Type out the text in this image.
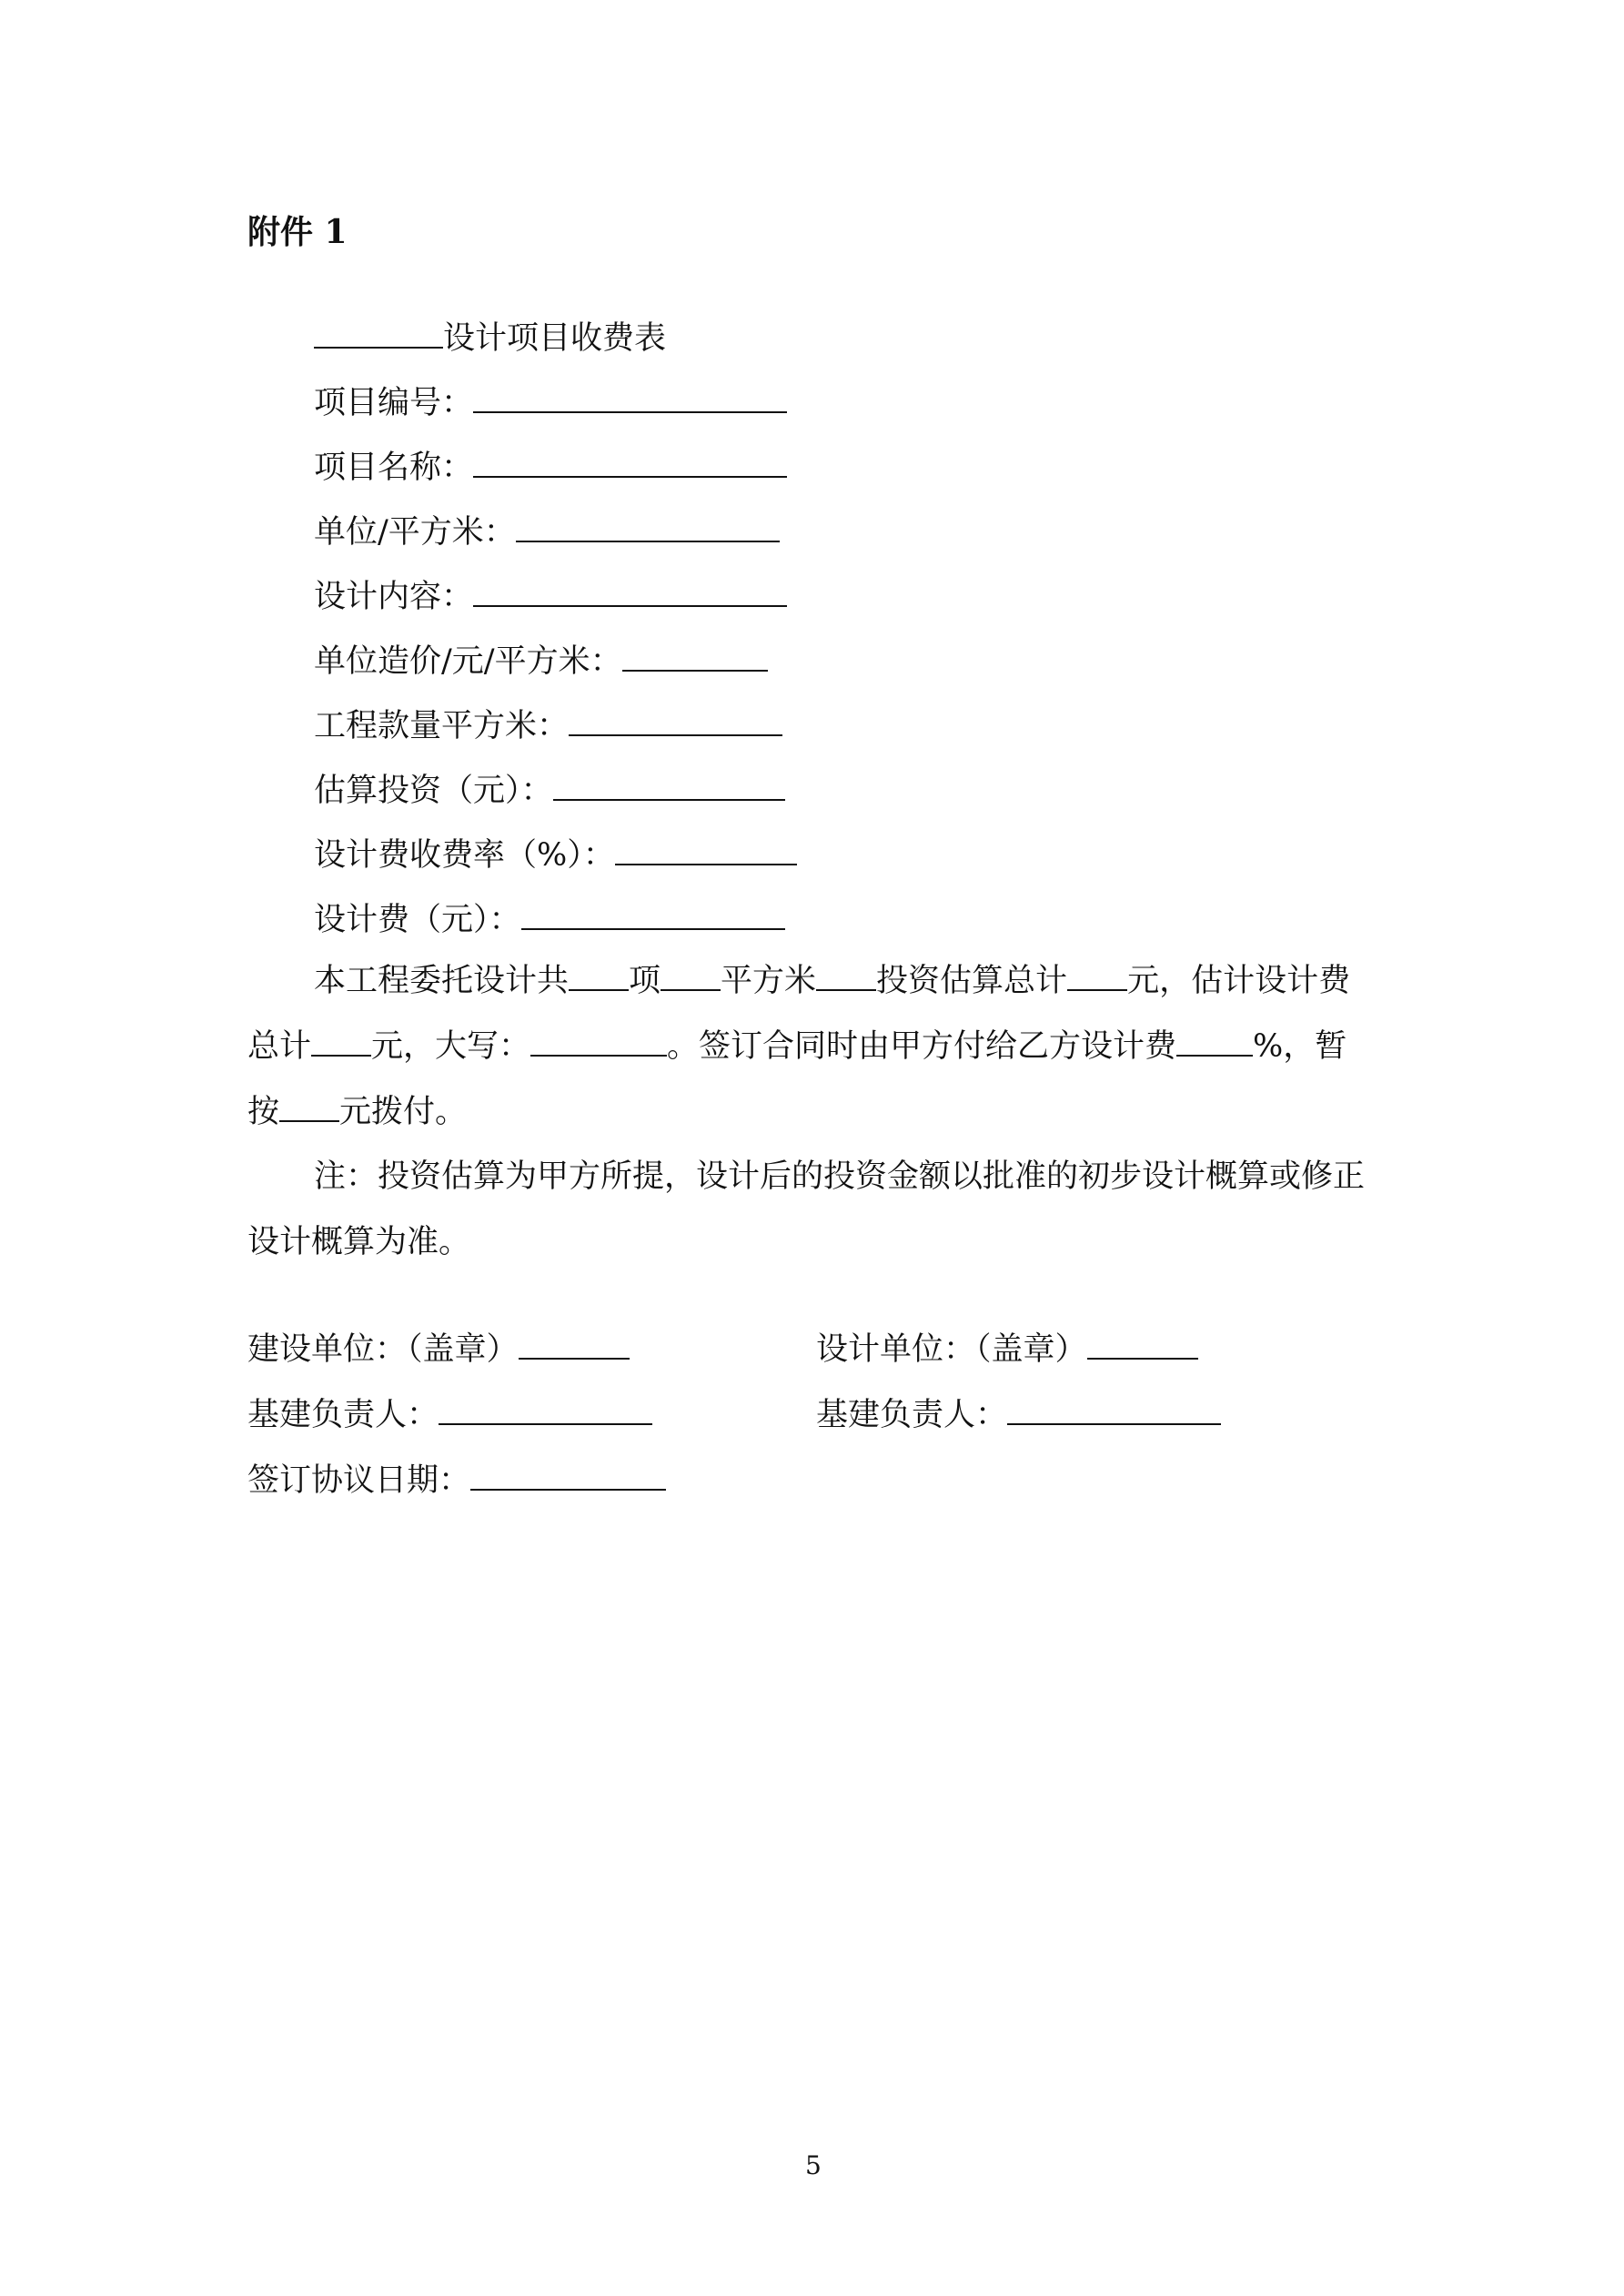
附件 1
设计项目收费表
项目编号：
项目名称：
单位/平方米：
设计内容：
单位造价/元/平方米：
工程款量平方米：
估算投资（元）：
设计费收费率（%）：
设计费（元）：
本工程委托设计共 项 平方米 投资估算总计 元，估计设计费
总计 元，大写：	。签订合同时由甲方付给乙方设计费 %，暂
按 元拨付。
注：投资估算为甲方所提，设计后的投资金额以批准的初步设计概算或修正
设计概算为准。
建设单位：（盖章）	设计单位：（盖章）
基建负责人：	基建负责人：
签订协议日期：
5
